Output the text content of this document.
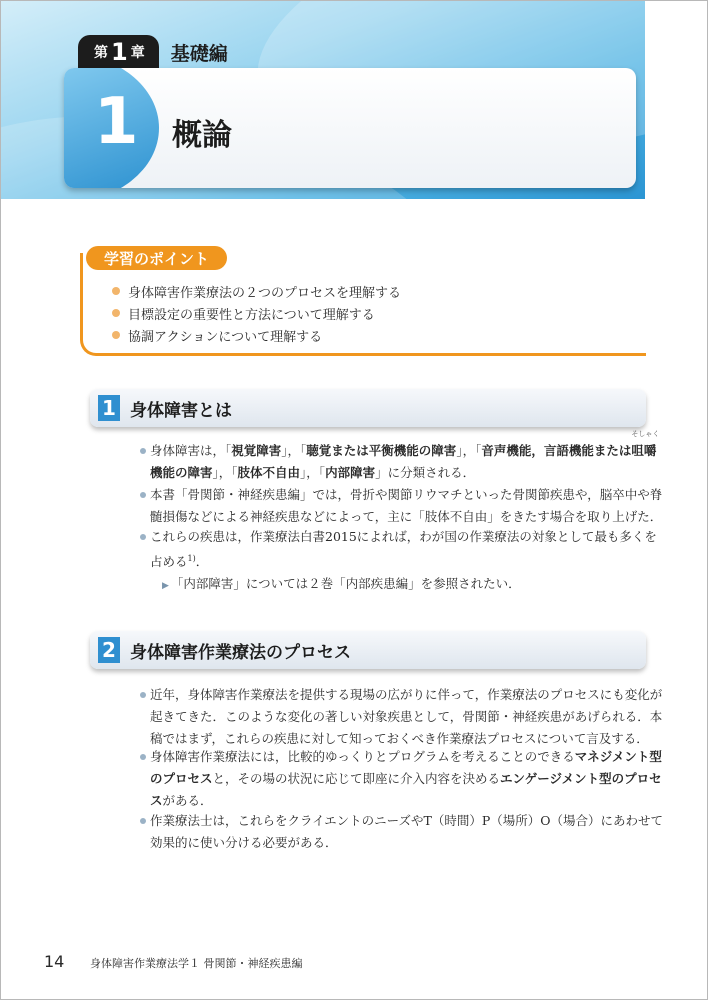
第 1 章 基礎編
1 概論
学習のポイント
身体障害作業療法の２つのプロセスを理解する
目標設定の重要性と方法について理解する
協調アクションについて理解する
1 身体障害とは
身体障害は，「視覚障害」，「聴覚または平衡機能の障害」，「音声機能，言語機能または
そしゃく
咀嚼
機能の障害」，「肢体不自由」，「内部障害」に分類される．
本書「骨関節・神経疾患編」では，骨折や関節リウマチといった骨関節疾患や，脳卒中や脊
髄損傷などによる神経疾患などによって，主に「肢体不自由」をきたす場合を取り上げた．
これらの疾患は，作業療法白書2015によれば，わが国の作業療法の対象として最も多くを
占める$^{1)}$．
▶ 「内部障害」については２巻「内部疾患編」を参照されたい．
2 身体障害作業療法のプロセス
近年，身体障害作業療法を提供する現場の広がりに伴って，作業療法のプロセスにも変化が
起きてきた．このような変化の著しい対象疾患として，骨関節・神経疾患があげられる．本
稿ではまず，これらの疾患に対して知っておくべき作業療法プロセスについて言及する．
身体障害作業療法には，比較的ゆっくりとプログラムを考えることのできるマネジメント型
のプロセスと，その場の状況に応じて即座に介入内容を決めるエンゲージメント型のプロセ
スがある．
作業療法士は，これらをクライエントのニーズやT（時間）P（場所）O（場合）にあわせて
効果的に使い分ける必要がある．
14 身体障害作業療法学１ 骨関節・神経疾患編
